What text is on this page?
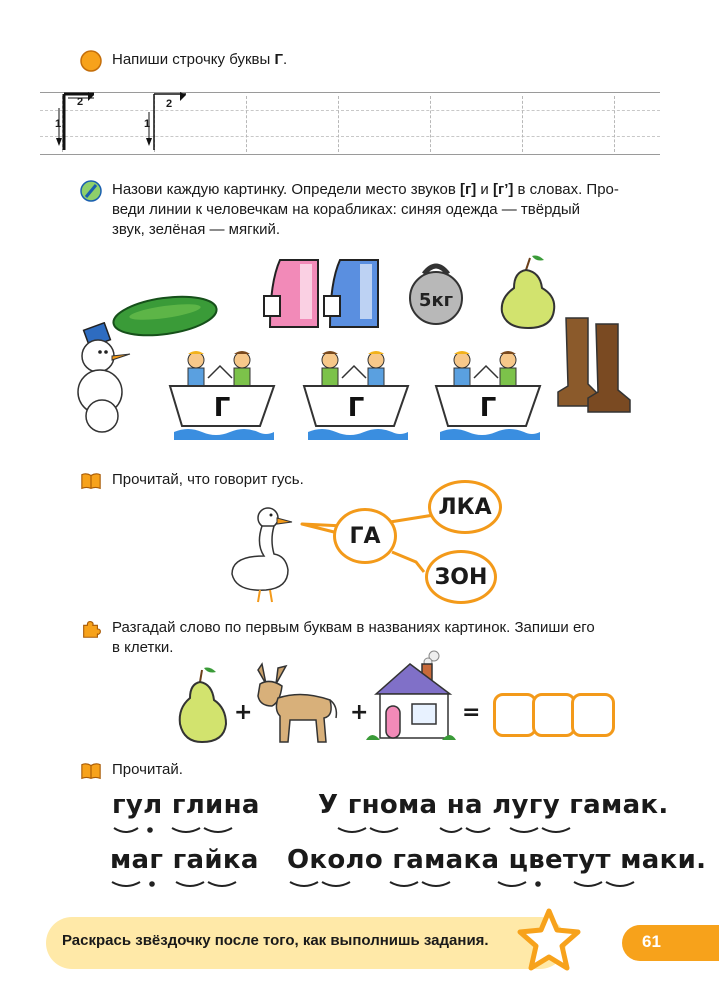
Напиши строчку буквы Г.
1
2
1
2
Назови каждую картинку. Определи место звуков [г] и [г’] в словах. Про-
веди линии к человечкам на корабликах: синяя одежда — твёрдый
звук, зелёная — мягкий.
5кг
Г	Г	Г
Прочитай, что говорит гусь.
ГА
ЛКА
ЗОН
Разгадай слово по первым буквам в названиях картинок. Запиши его
в клетки.
+	+	=
Прочитай.
гул глина У гнома на лугу гамак.
маг гайка Около гамака цветут маки.
Раскрась звёздочку после того, как выполнишь задания.	61
